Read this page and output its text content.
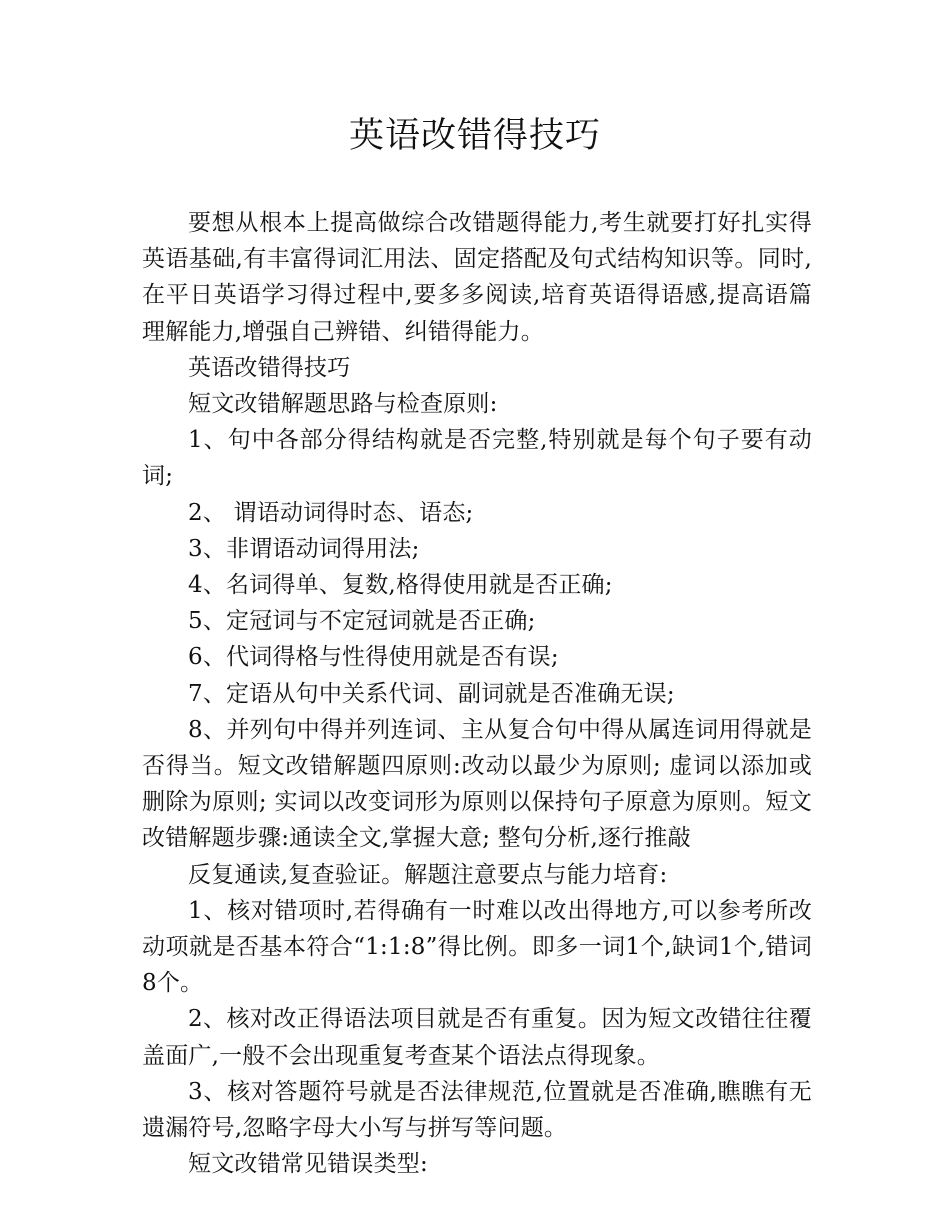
英语改错得技巧

要想从根本上提高做综合改错题得能力,考生就要打好扎实得英语基础,有丰富得词汇用法、固定搭配及句式结构知识等。同时,在平日英语学习得过程中,要多多阅读,培育英语得语感,提高语篇理解能力,增强自己辨错、纠错得能力。

英语改错得技巧

短文改错解题思路与检查原则:

1、句中各部分得结构就是否完整,特别就是每个句子要有动词;

2、 谓语动词得时态、语态;

3、非谓语动词得用法;

4、名词得单、复数,格得使用就是否正确;

5、定冠词与不定冠词就是否正确;

6、代词得格与性得使用就是否有误;

7、定语从句中关系代词、副词就是否准确无误;

8、并列句中得并列连词、主从复合句中得从属连词用得就是否得当。短文改错解题四原则:改动以最少为原则; 虚词以添加或删除为原则; 实词以改变词形为原则以保持句子原意为原则。短文改错解题步骤:通读全文,掌握大意; 整句分析,逐行推敲

反复通读,复查验证。解题注意要点与能力培育:

1、核对错项时,若得确有一时难以改出得地方,可以参考所改动项就是否基本符合“1:1:8”得比例。即多一词1个,缺词1个,错词8个。

2、核对改正得语法项目就是否有重复。因为短文改错往往覆盖面广,一般不会出现重复考查某个语法点得现象。

3、核对答题符号就是否法律规范,位置就是否准确,瞧瞧有无遗漏符号,忽略字母大小写与拼写等问题。

短文改错常见错误类型:
